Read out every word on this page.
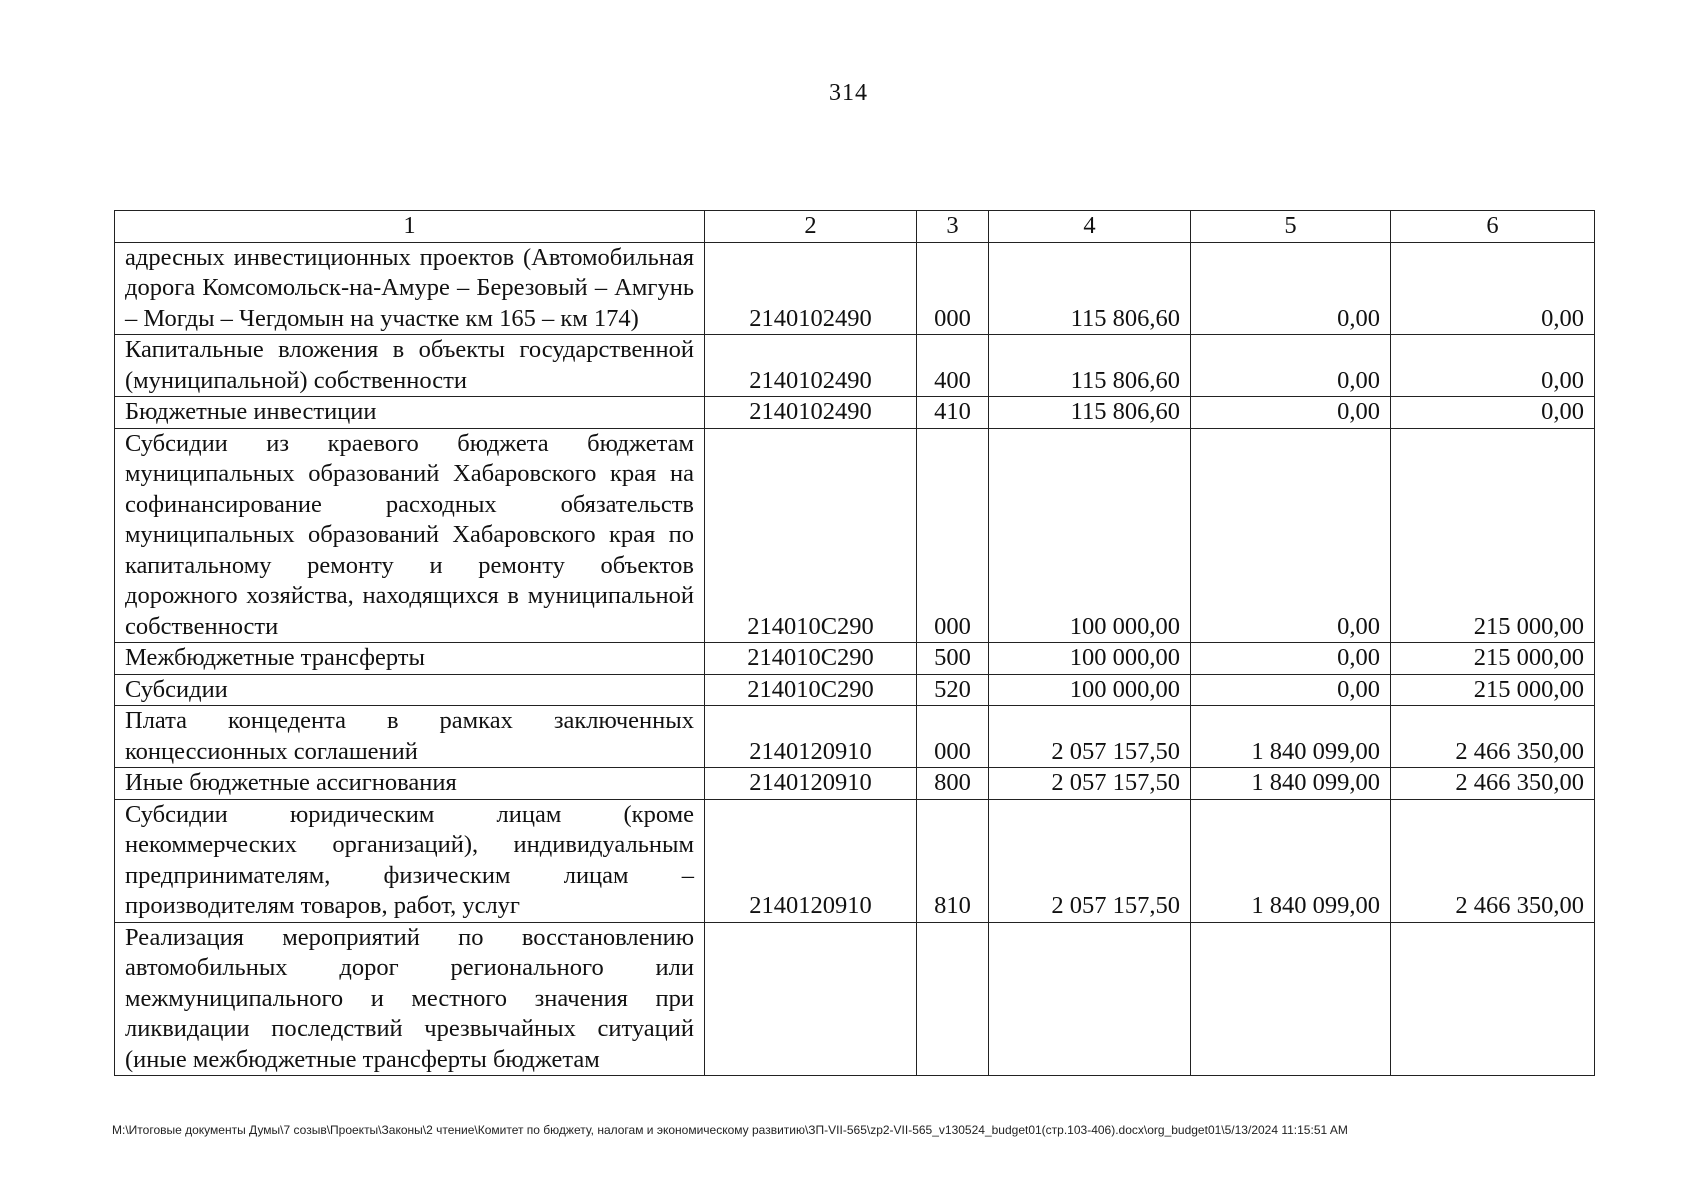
314
1	2	3	4	5	6
адресных инвестиционных проектов (Автомобильная дорога Комсомольск-на-Амуре – Березовый – Амгунь – Могды – Чегдомын на участке км 165 – км 174)	2140102490	000	115 806,60	0,00	0,00
Капитальные вложения в объекты государственной (муниципальной) собственности	2140102490	400	115 806,60	0,00	0,00
Бюджетные инвестиции	2140102490	410	115 806,60	0,00	0,00
Субсидии из краевого бюджета бюджетам муниципальных образований Хабаровского края на софинансирование расходных обязательств муниципальных образований Хабаровского края по капитальному ремонту и ремонту объектов дорожного хозяйства, находящихся в муниципальной собственности	214010C290	000	100 000,00	0,00	215 000,00
Межбюджетные трансферты	214010C290	500	100 000,00	0,00	215 000,00
Субсидии	214010C290	520	100 000,00	0,00	215 000,00
Плата концедента в рамках заключенных концессионных соглашений	2140120910	000	2 057 157,50	1 840 099,00	2 466 350,00
Иные бюджетные ассигнования	2140120910	800	2 057 157,50	1 840 099,00	2 466 350,00
Субсидии юридическим лицам (кроме некоммерческих организаций), индивидуальным предпринимателям, физическим лицам – производителям товаров, работ, услуг	2140120910	810	2 057 157,50	1 840 099,00	2 466 350,00
Реализация мероприятий по восстановлению автомобильных дорог регионального или межмуниципального и местного значения при ликвидации последствий чрезвычайных ситуаций (иные межбюджетные трансферты бюджетам					
M:\Итоговые документы Думы\7 созыв\Проекты\Законы\2 чтение\Комитет по бюджету, налогам и экономическому развитию\ЗП-VII-565\zp2-VII-565_v130524_budget01(стр.103-406).docx\org_budget01\5/13/2024 11:15:51 AM
